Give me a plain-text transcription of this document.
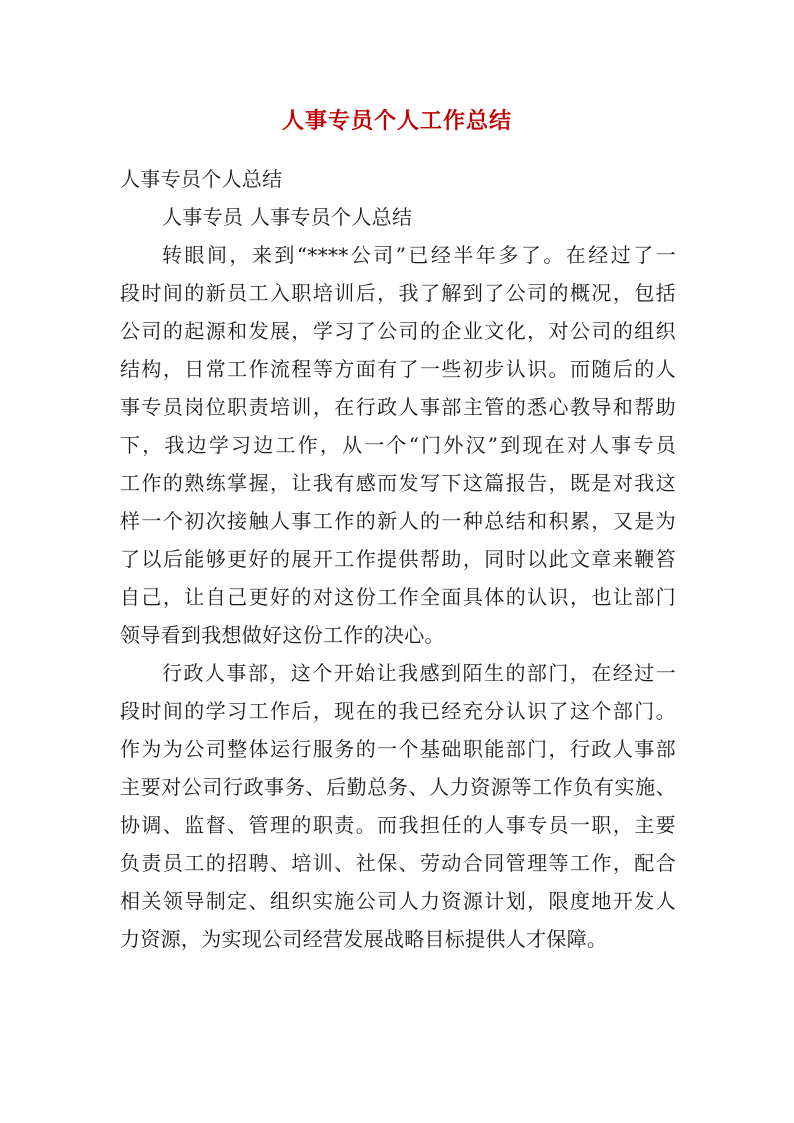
人事专员个人工作总结
人事专员个人总结
人事专员 人事专员个人总结
转眼间，来到“****公司”已经半年多了。在经过了一
段时间的新员工入职培训后，我了解到了公司的概况，包括
公司的起源和发展，学习了公司的企业文化，对公司的组织
结构，日常工作流程等方面有了一些初步认识。而随后的人
事专员岗位职责培训，在行政人事部主管的悉心教导和帮助
下，我边学习边工作，从一个“门外汉”到现在对人事专员
工作的熟练掌握，让我有感而发写下这篇报告，既是对我这
样一个初次接触人事工作的新人的一种总结和积累，又是为
了以后能够更好的展开工作提供帮助，同时以此文章来鞭笞
自己，让自己更好的对这份工作全面具体的认识，也让部门
领导看到我想做好这份工作的决心。
行政人事部，这个开始让我感到陌生的部门，在经过一
段时间的学习工作后，现在的我已经充分认识了这个部门。
作为为公司整体运行服务的一个基础职能部门，行政人事部
主要对公司行政事务、后勤总务、人力资源等工作负有实施、
协调、监督、管理的职责。而我担任的人事专员一职，主要
负责员工的招聘、培训、社保、劳动合同管理等工作，配合
相关领导制定、组织实施公司人力资源计划，限度地开发人
力资源，为实现公司经营发展战略目标提供人才保障。
